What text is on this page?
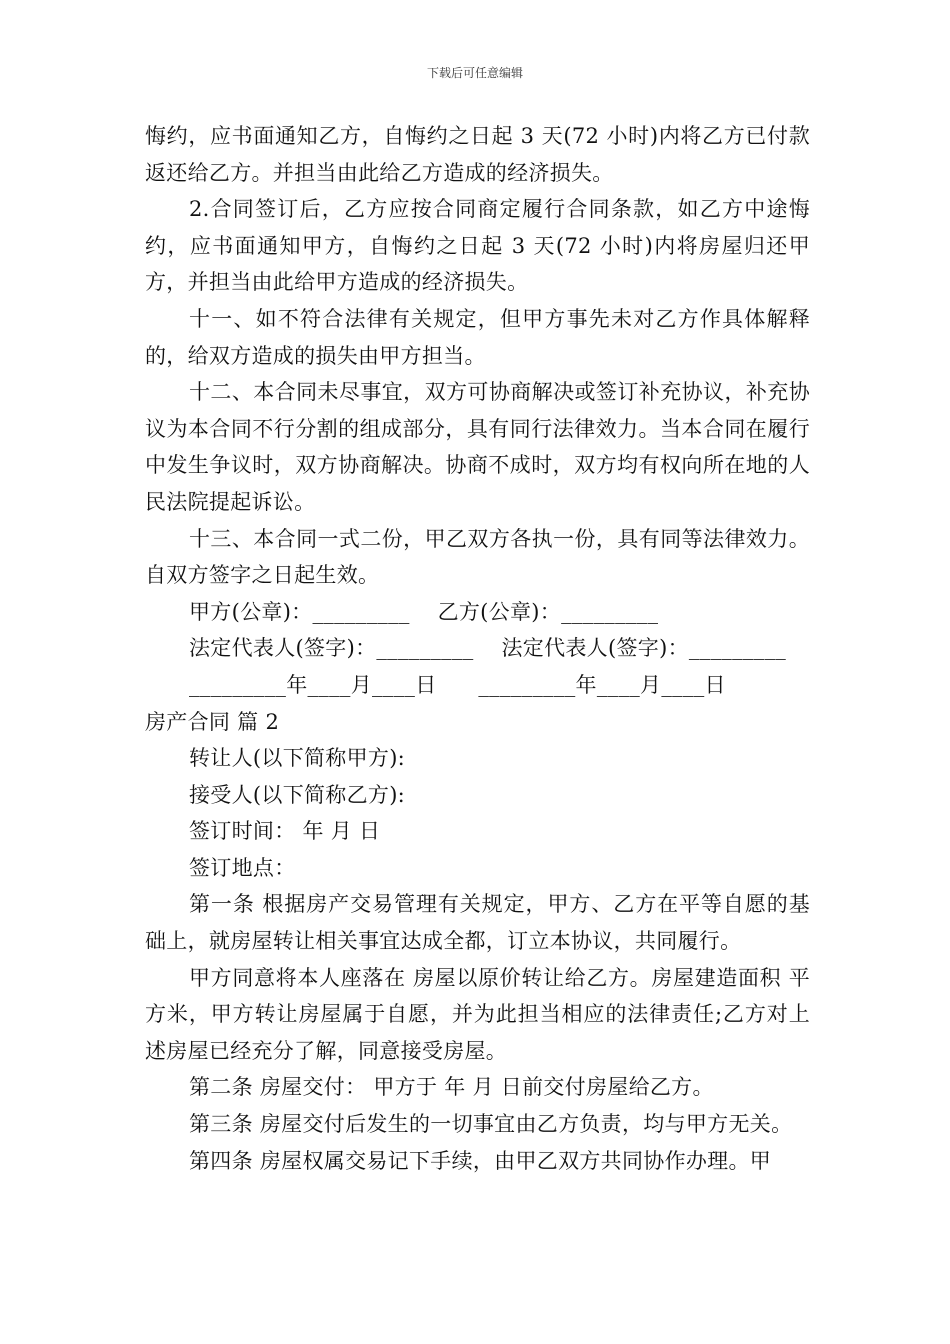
下载后可任意编辑

悔约，应书面通知乙方，自悔约之日起 3 天(72 小时)内将乙方已付款返还给乙方。并担当由此给乙方造成的经济损失。

2.合同签订后，乙方应按合同商定履行合同条款，如乙方中途悔约，应书面通知甲方，自悔约之日起 3 天(72 小时)内将房屋归还甲方，并担当由此给甲方造成的经济损失。

十一、如不符合法律有关规定，但甲方事先未对乙方作具体解释的，给双方造成的损失由甲方担当。

十二、本合同未尽事宜，双方可协商解决或签订补充协议，补充协议为本合同不行分割的组成部分，具有同行法律效力。当本合同在履行中发生争议时，双方协商解决。协商不成时，双方均有权向所在地的人民法院提起诉讼。

十三、本合同一式二份，甲乙双方各执一份，具有同等法律效力。自双方签字之日起生效。

甲方(公章)：_________    乙方(公章)：_________

法定代表人(签字)：_________    法定代表人(签字)：_________

_________年____月____日      _________年____月____日

房产合同 篇 2

转让人(以下简称甲方):

接受人(以下简称乙方):

签订时间： 年 月 日

签订地点：

第一条 根据房产交易管理有关规定，甲方、乙方在平等自愿的基础上，就房屋转让相关事宜达成全都，订立本协议，共同履行。

甲方同意将本人座落在 房屋以原价转让给乙方。房屋建造面积 平方米，甲方转让房屋属于自愿，并为此担当相应的法律责任;乙方对上述房屋已经充分了解，同意接受房屋。

第二条 房屋交付： 甲方于 年 月 日前交付房屋给乙方。

第三条 房屋交付后发生的一切事宜由乙方负责，均与甲方无关。

第四条 房屋权属交易记下手续，由甲乙双方共同协作办理。甲
